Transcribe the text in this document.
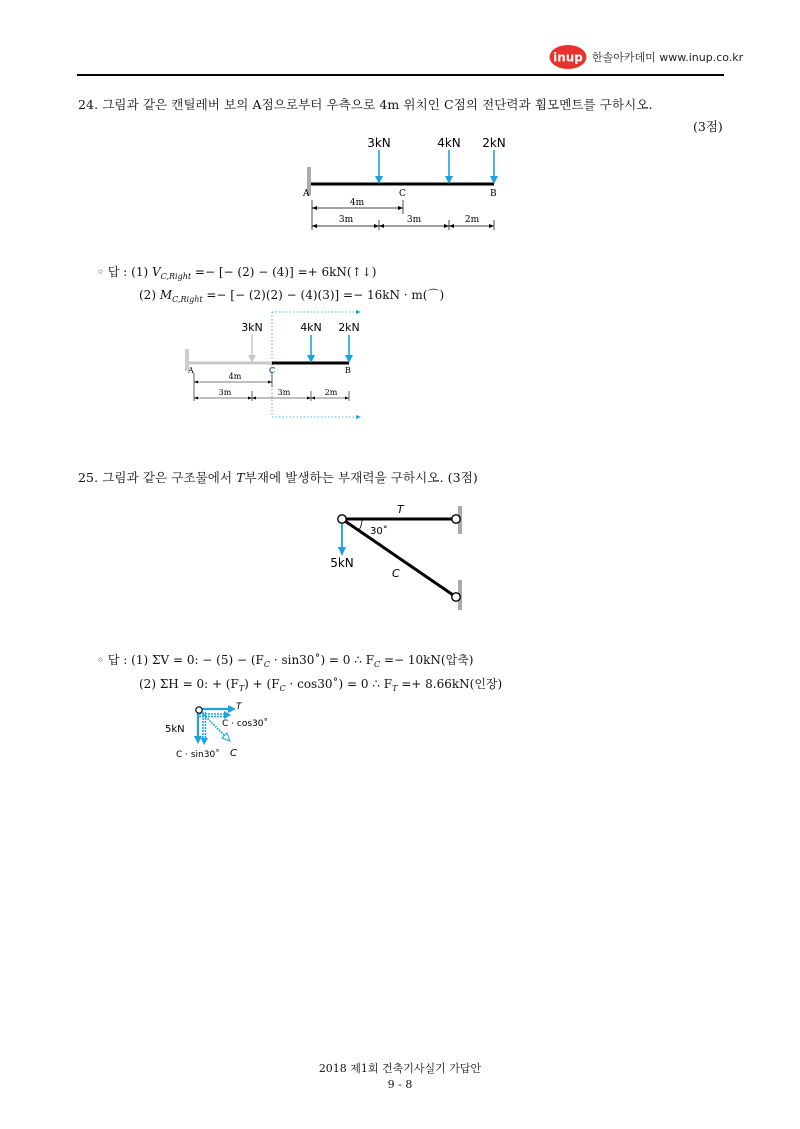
inup 한솔아카데미 www.inup.co.kr
24. 그림과 같은 캔틸레버 보의 A점으로부터 우측으로 4m 위치인 C점의 전단력과 휨모멘트를 구하시오.
(3점)
3kN	4kN 2kN
A	C	B
4m
3m	3m	2m
◦ 답 : (1) $V_{C,Right}$ =− [− (2) − (4)] =+ 6kN(↑↓)
(2) $M_{C,Right}$ =− [− (2)(2) − (4)(3)] =− 16kN · m(⌒)
3kN	4kN 2kN
A	C	B
4m
3m	3m	2m
25. 그림과 같은 구조물에서 T부재에 발생하는 부재력을 구하시오. (3점)
30˚
5kN
T
C
◦ 답 : (1) ΣV = 0: − $(5) - (F_C$ · sin30˚) = 0 ∴ $F_C =- 10kN$(압축)
(2) ΣH = 0: + $(F_T) + (F_C$ · cos30˚) = 0 ∴ $F_T =+ 8.66kN$(인장)
T
C · cos30˚
5kN
C · sin30˚ C
2018 제1회 건축기사실기 가답안
9 - 8
